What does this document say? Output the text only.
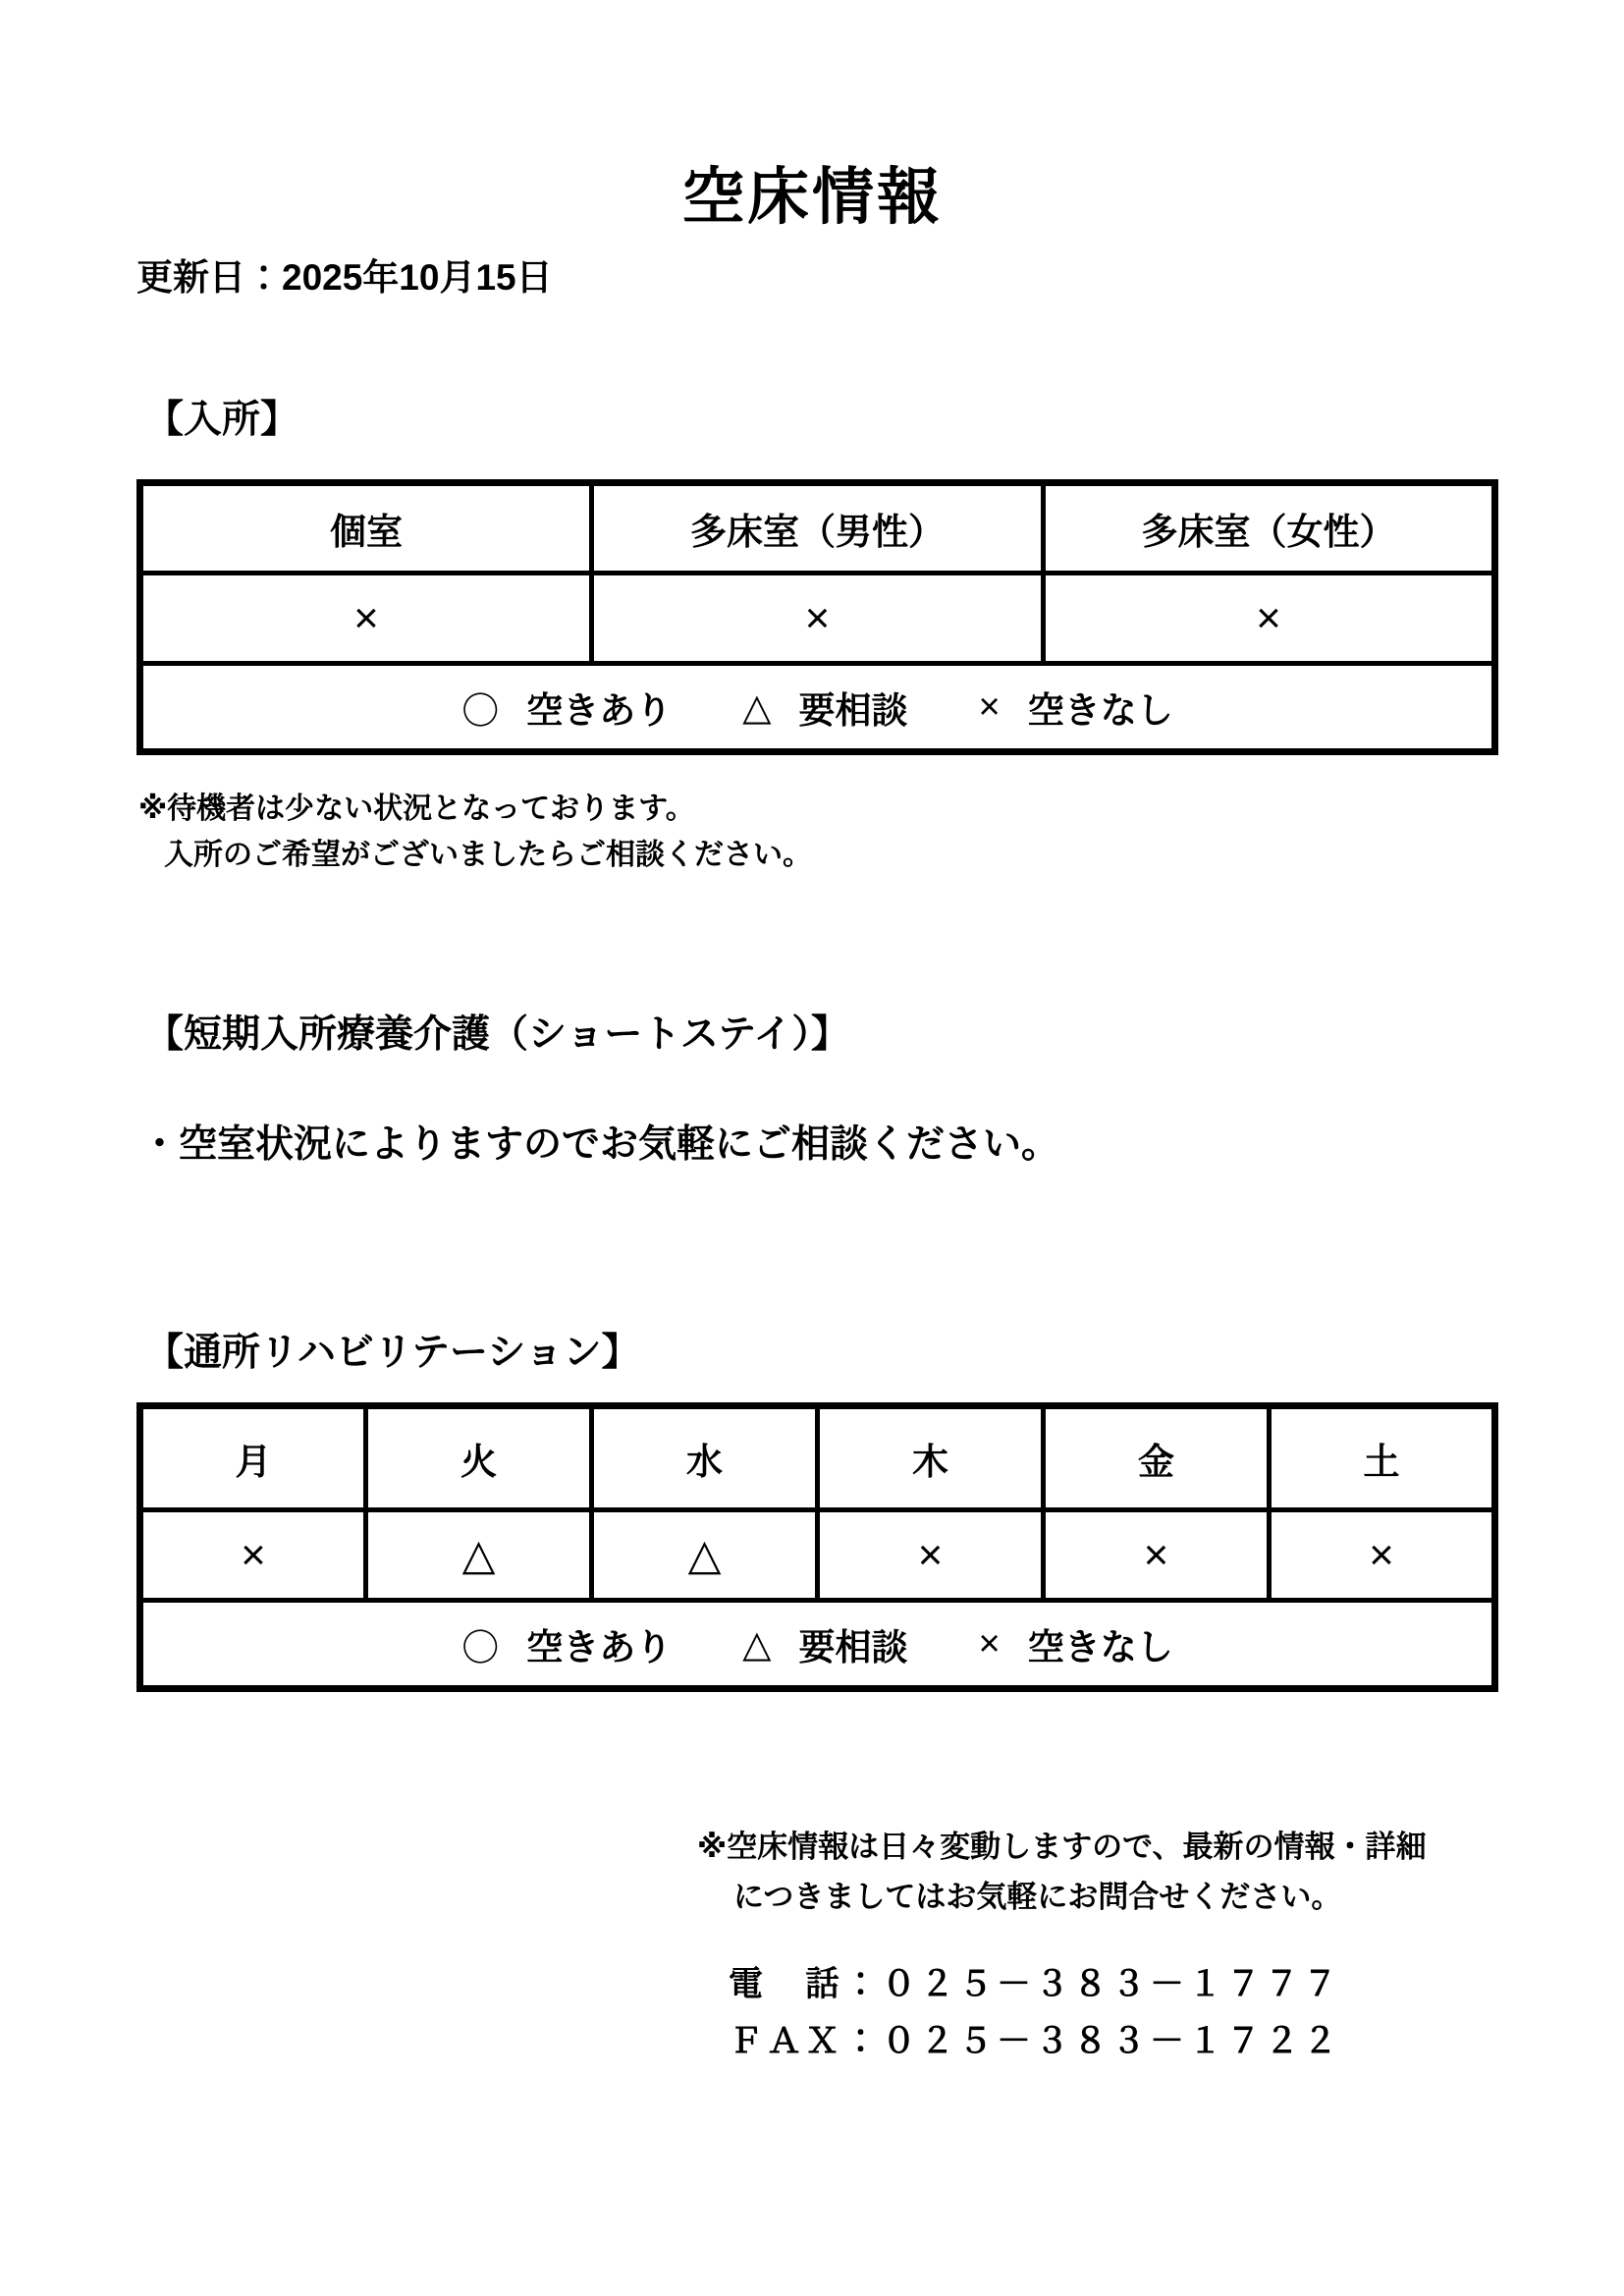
空床情報
更新日：2025年10月15日
【入所】
個室	多床室（男性）	多床室（女性）
×	×	×

〇 空きあり △ 要相談 × 空きなし
※待機者は少ない状況となっております。
入所のご希望がございましたらご相談ください。
【短期入所療養介護（ショートステイ）】
・空室状況によりますのでお気軽にご相談ください。
【通所リハビリテーション】
月	火	水	木	金	土
×	△	△	×	×	×

〇 空きあり △ 要相談 × 空きなし
※空床情報は日々変動しますので、最新の情報・詳細
につきましてはお気軽にお問合せください。
電　話：０２５－３８３－１７７７
ＦＡＸ：０２５－３８３－１７２２
